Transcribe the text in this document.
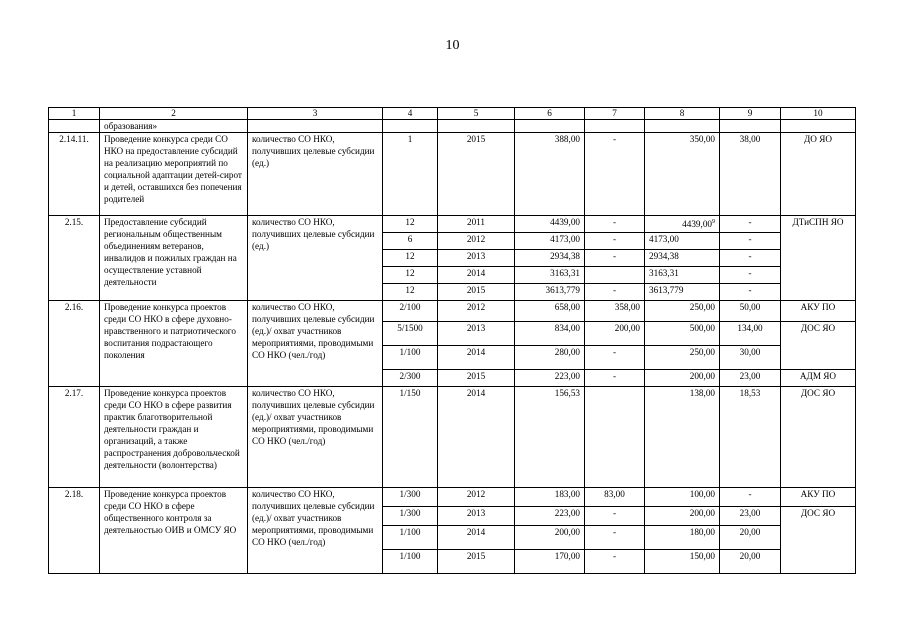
10
1	2	3	4	5	6	7	8	9	10
	образования»								
2.14.11.	Проведение конкурса среди СО НКО на предоставление субсидий на реализацию мероприятий по социальной адаптации детей-сирот и детей, оставшихся без попечения родителей	количество СО НКО, получивших целевые субсидии (ед.)	1	2015	388,00	-	350,00	38,00	ДО ЯО
2.15.	Предоставление субсидий региональным общественным объединениям ветеранов, инвалидов и пожилых граждан на осуществление уставной деятельности	количество СО НКО, получивших целевые субсидии (ед.)	12	2011	4439,00	-	4439,00$^9$	-	ДТиСПН ЯО
			6	2012	4173,00	-	4173,00	-	
			12	2013	2934,38	-	2934,38	-	
			12	2014	3163,31		3163,31	-	
			12	2015	3613,779	-	3613,779	-	
2.16.	Проведение конкурса проектов среди СО НКО в сфере духовно-нравственного и патриотического воспитания подрастающего поколения	количество СО НКО, получивших целевые субсидии (ед.)/ охват участников мероприятиями, проводимыми СО НКО (чел./год)	2/100	2012	658,00	358,00	250,00	50,00	АКУ ПО
			5/1500	2013	834,00	200,00	500,00	134,00	ДОС ЯО
			1/100	2014	280,00	-	250,00	30,00	
			2/300	2015	223,00	-	200,00	23,00	АДМ ЯО
2.17.	Проведение конкурса проектов среди СО НКО в сфере развития практик благотворительной деятельности граждан и организаций, а также распространения добровольческой деятельности (волонтерства)	количество СО НКО, получивших целевые субсидии (ед.)/ охват участников мероприятиями, проводимыми СО НКО (чел./год)	1/150	2014	156,53		138,00	18,53	ДОС ЯО
2.18.	Проведение конкурса проектов среди СО НКО в сфере общественного контроля за деятельностью ОИВ и ОМСУ ЯО	количество СО НКО, получивших целевые субсидии (ед.)/ охват участников мероприятиями, проводимыми СО НКО (чел./год)	1/300	2012	183,00	83,00	100,00	-	АКУ ПО
			1/300	2013	223,00	-	200,00	23,00	ДОС ЯО
			1/100	2014	200,00	-	180,00	20,00	
			1/100	2015	170,00	-	150,00	20,00	
